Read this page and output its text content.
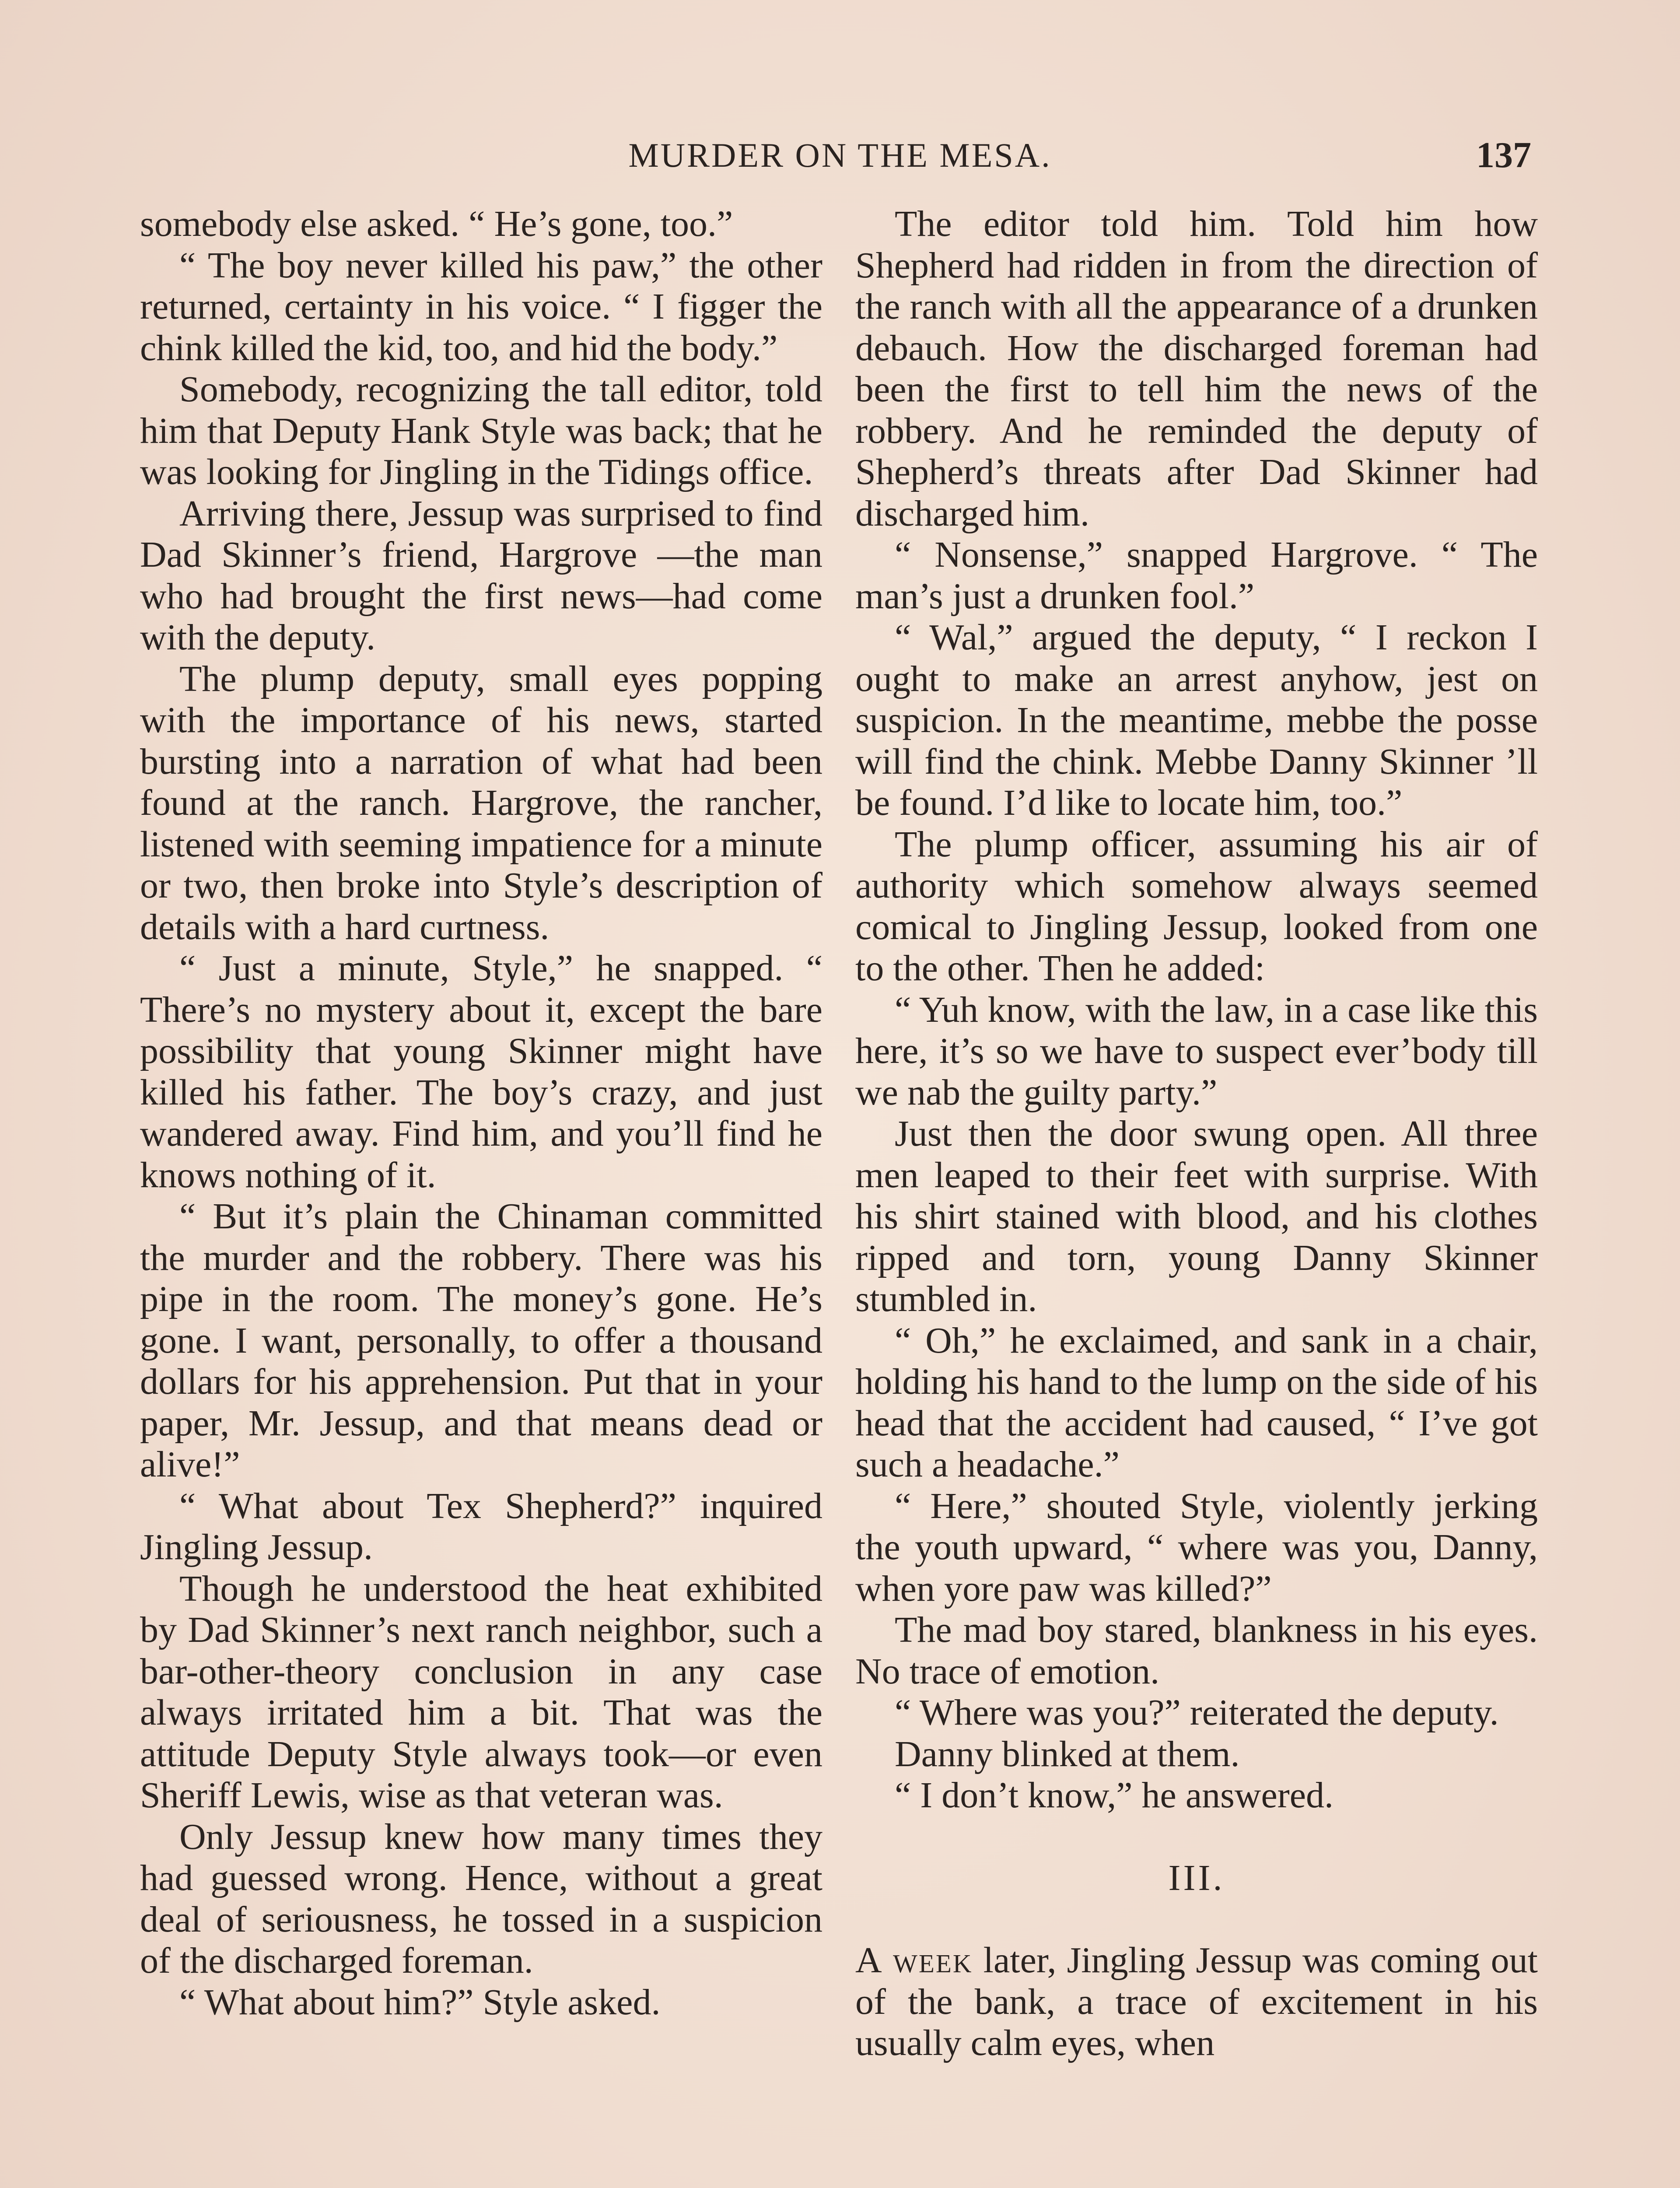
MURDER ON THE MESA.	137

somebody else asked. “ He’s gone, too.”

“ The boy never killed his paw,” the other returned, certainty in his voice. “ I figger the chink killed the kid, too, and hid the body.”

Somebody, recognizing the tall editor, told him that Deputy Hank Style was back; that he was looking for Jingling in the Tidings office.

Arriving there, Jessup was surprised to find Dad Skinner’s friend, Hargrove —the man who had brought the first news—had come with the deputy.

The plump deputy, small eyes popping with the importance of his news, started bursting into a narration of what had been found at the ranch. Hargrove, the rancher, listened with seeming impatience for a minute or two, then broke into Style’s description of details with a hard curtness.

“ Just a minute, Style,” he snapped. “ There’s no mystery about it, except the bare possibility that young Skinner might have killed his father. The boy’s crazy, and just wandered away. Find him, and you’ll find he knows nothing of it.

“ But it’s plain the Chinaman committed the murder and the robbery. There was his pipe in the room. The money’s gone. He’s gone. I want, personally, to offer a thousand dollars for his apprehension. Put that in your paper, Mr. Jessup, and that means dead or alive!”

“ What about Tex Shepherd?” inquired Jingling Jessup.

Though he understood the heat exhibited by Dad Skinner’s next ranch neighbor, such a bar-other-theory conclusion in any case always irritated him a bit. That was the attitude Deputy Style always took—or even Sheriff Lewis, wise as that veteran was.

Only Jessup knew how many times they had guessed wrong. Hence, without a great deal of seriousness, he tossed in a suspicion of the discharged foreman.

“ What about him?” Style asked.

The editor told him. Told him how Shepherd had ridden in from the direction of the ranch with all the appearance of a drunken debauch. How the discharged foreman had been the first to tell him the news of the robbery. And he reminded the deputy of Shepherd’s threats after Dad Skinner had discharged him.

“ Nonsense,” snapped Hargrove. “ The man’s just a drunken fool.”

“ Wal,” argued the deputy, “ I reckon I ought to make an arrest anyhow, jest on suspicion. In the meantime, mebbe the posse will find the chink. Mebbe Danny Skinner ’ll be found. I’d like to locate him, too.”

The plump officer, assuming his air of authority which somehow always seemed comical to Jingling Jessup, looked from one to the other. Then he added:

“ Yuh know, with the law, in a case like this here, it’s so we have to suspect ever’body till we nab the guilty party.”

Just then the door swung open. All three men leaped to their feet with surprise. With his shirt stained with blood, and his clothes ripped and torn, young Danny Skinner stumbled in.

“ Oh,” he exclaimed, and sank in a chair, holding his hand to the lump on the side of his head that the accident had caused, “ I’ve got such a headache.”

“ Here,” shouted Style, violently jerking the youth upward, “ where was you, Danny, when yore paw was killed?”

The mad boy stared, blankness in his eyes. No trace of emotion.

“ Where was you?” reiterated the deputy.

Danny blinked at them.

“ I don’t know,” he answered.

III.

A week later, Jingling Jessup was coming out of the bank, a trace of excitement in his usually calm eyes, when
